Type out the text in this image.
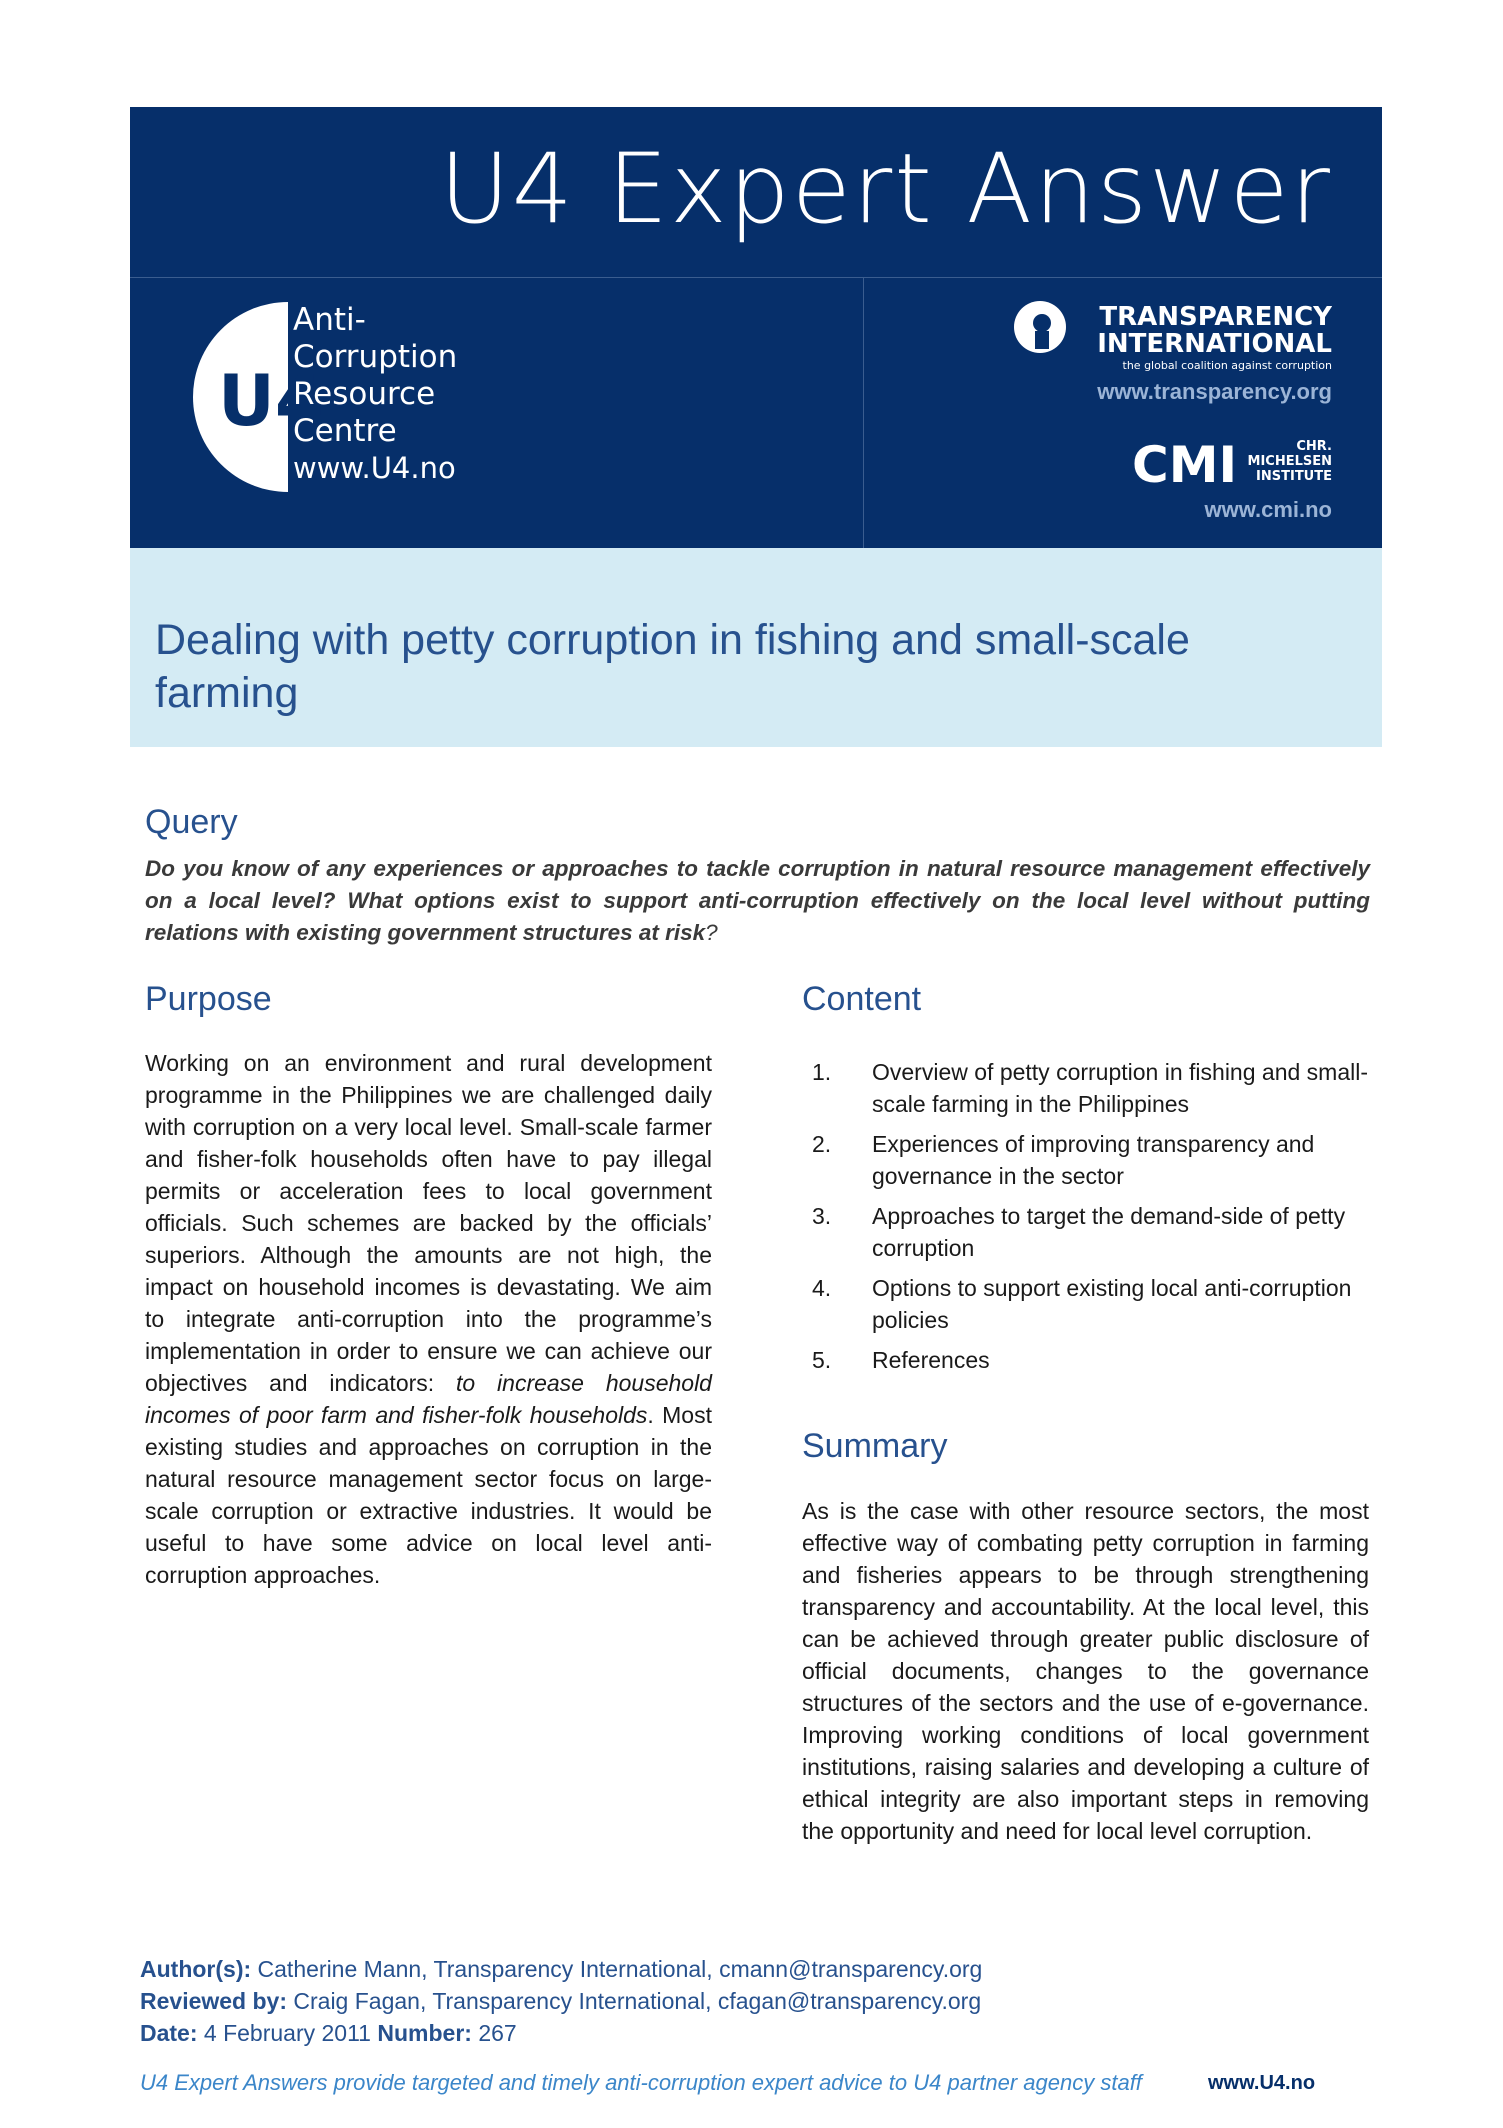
U4 Expert Answer
U4
Anti-
Corruption
Resource
Centre
www.U4.no
TRANSPARENCY
INTERNATIONAL
the global coalition against corruption
www.transparency.org
CMI	CHR.
MICHELSEN
INSTITUTE
www.cmi.no
Dealing with petty corruption in fishing and small-scale farming
Query
Do you know of any experiences or approaches to tackle corruption in natural resource management effectively on a local level? What options exist to support anti-corruption effectively on the local level without putting relations with existing government structures at risk?
Purpose
Working on an environment and rural development programme in the Philippines we are challenged daily with corruption on a very local level. Small-scale farmer and fisher-folk households often have to pay illegal permits or acceleration fees to local government officials. Such schemes are backed by the officials’ superiors. Although the amounts are not high, the impact on household incomes is devastating. We aim to integrate anti-corruption into the programme’s implementation in order to ensure we can achieve our objectives and indicators: to increase household incomes of poor farm and fisher-folk households. Most existing studies and approaches on corruption in the natural resource management sector focus on large-scale corruption or extractive industries. It would be useful to have some advice on local level anti-corruption approaches.
Content
1. Overview of petty corruption in fishing and small-scale farming in the Philippines
2. Experiences of improving transparency and governance in the sector
3. Approaches to target the demand-side of petty corruption
4. Options to support existing local anti-corruption policies
5. References
Summary
As is the case with other resource sectors, the most effective way of combating petty corruption in farming and fisheries appears to be through strengthening transparency and accountability. At the local level, this can be achieved through greater public disclosure of official documents, changes to the governance structures of the sectors and the use of e-governance. Improving working conditions of local government institutions, raising salaries and developing a culture of ethical integrity are also important steps in removing the opportunity and need for local level corruption.
Author(s): Catherine Mann, Transparency International, cmann@transparency.org
Reviewed by: Craig Fagan, Transparency International, cfagan@transparency.org
Date: 4 February 2011 Number: 267
U4 Expert Answers provide targeted and timely anti-corruption expert advice to U4 partner agency staff	www.U4.no
